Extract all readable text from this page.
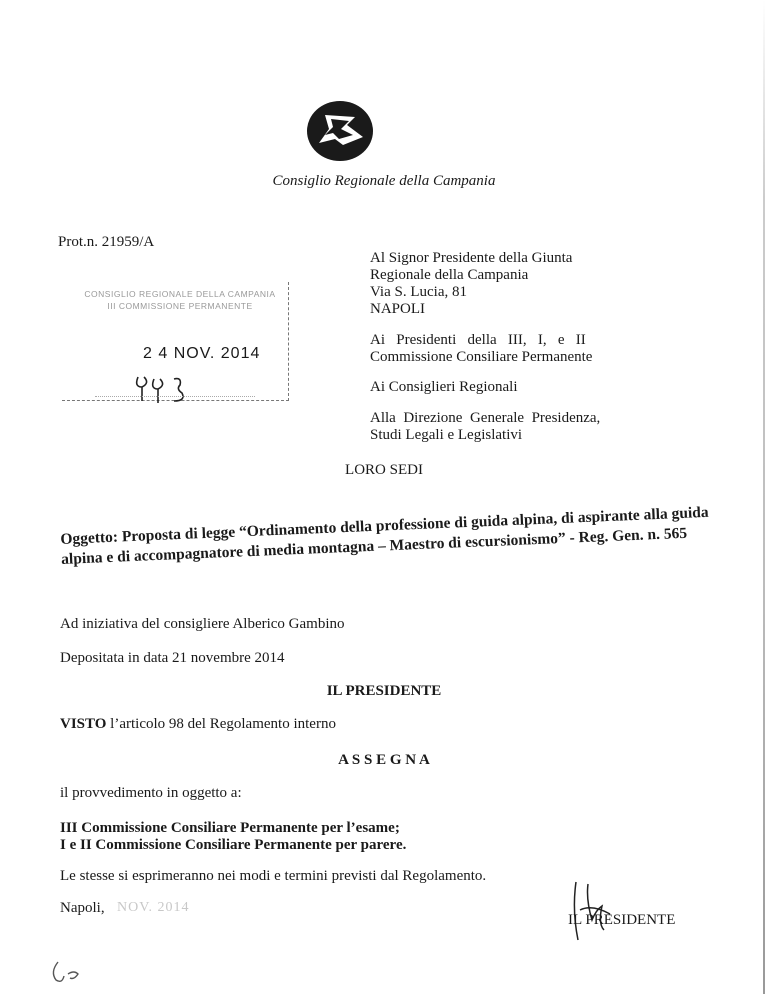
Consiglio Regionale della Campania
Prot.n. 21959/A
Al Signor Presidente della Giunta
Regionale della Campania
Via S. Lucia, 81
NAPOLI
Ai   Presidenti   della   III,   I,   e   II
Commissione Consiliare Permanente
Ai Consiglieri Regionali
Alla  Direzione  Generale  Presidenza,
Studi Legali e Legislativi
CONSIGLIO REGIONALE DELLA CAMPANIA
III COMMISSIONE PERMANENTE
2 4 NOV. 2014
LORO SEDI
Oggetto: Proposta di legge “Ordinamento della professione di guida alpina, di aspirante alla guida alpina e di accompagnatore di media montagna – Maestro di escursionismo” - Reg. Gen. n. 565
Ad iniziativa del consigliere Alberico Gambino
Depositata in data 21 novembre 2014
IL PRESIDENTE
VISTO l’articolo 98 del Regolamento interno
A S S E G N A
il provvedimento in oggetto a:
III Commissione Consiliare Permanente per l’esame;
I e II Commissione Consiliare Permanente per parere.
Le stesse si esprimeranno nei modi e termini previsti dal Regolamento.
Napoli, NOV. 2014
IL PRESIDENTE
